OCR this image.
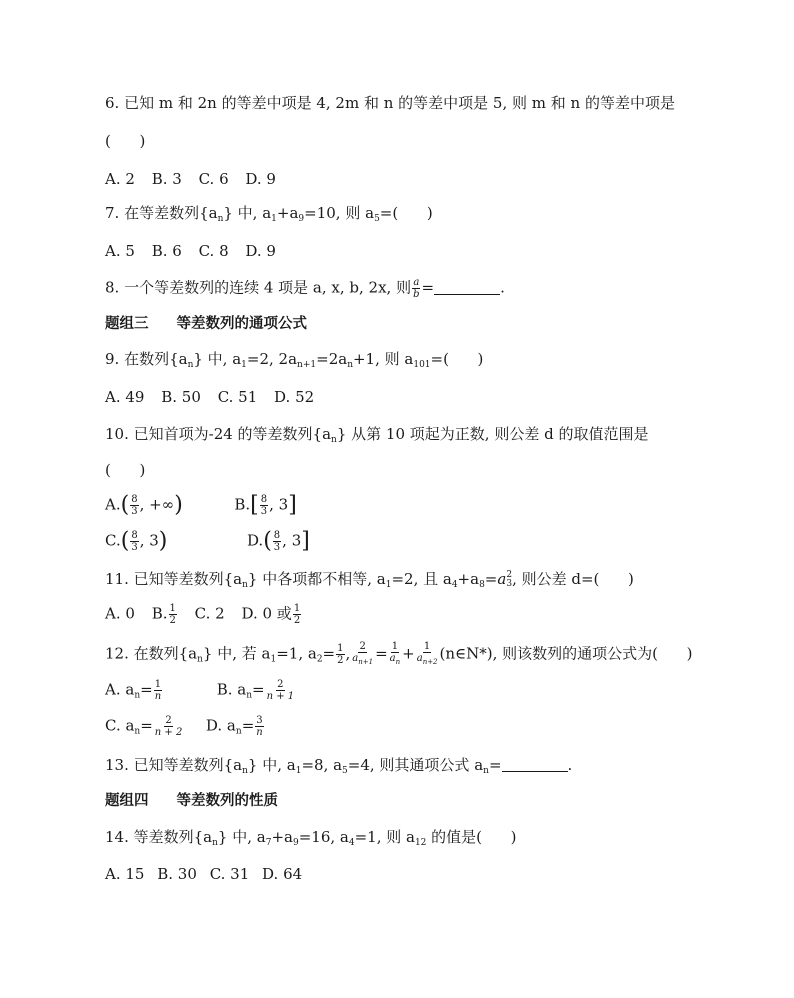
6. 已知 m 和 2n 的等差中项是 4, 2m 和 n 的等差中项是 5, 则 m 和 n 的等差中项是
(      )
A. 2 B. 3 C. 6 D. 9
7. 在等差数列$\{a_n\}$ 中, $a_1+a_9=10$, 则 $a_5=$(      )
A. 5 B. 6 C. 8 D. 9
8. 一个等差数列的连续 4 项是 a, x, b, 2x, 则 $\frac{a}{b}$ =	.
题组三 等差数列的通项公式
9. 在数列$\{a_n\}$ 中, $a_1=2$, $2a_{n+1}=2a_n+1$, 则 $a_{101}=$(      )
A. 49 B. 50 C. 51 D. 52
10. 已知首项为-24 的等差数列$\{a_n\}$ 从第 10 项起为正数, 则公差 d 的取值范围是
(      )
$A.( \frac{8}{3}$ , +∞)	$B.[ \frac{8}{3}$ , 3]
$C.( \frac{8}{3}$ , 3)	$D.( \frac{8}{3}$ , 3]
11. 已知等差数列$\{a_n\}$ 中各项都不相等, $a_1=2$, 且 $a_4+a_8=a$ 2
3 , 则公差 d=(      )
A. 0 B. $\frac{1}{2} C$. 2 D. 0 或 $\frac{1}{2}$
12. 在数列$\{a_n\}$ 中, 若 $a_1=1$, $a_2= \frac{1}{2}$ , $\frac{2}{a_{n+1}} = \frac{1}{a_n} + \frac{1}{a_{n+2}}$ (n∈N*), 则该数列的通项公式为(      )
A. $a_n= \frac{1}{n}$	B. $a_n= \frac{2}{n + 1}$
C. $a_n= \frac{2}{n + 2} D$. $a_n= \frac{3}{n}$
13. 已知等差数列$\{a_n\}$ 中, $a_1=8$, $a_5=4$, 则其通项公式 $a_n=$	.
题组四 等差数列的性质
14. 等差数列$\{a_n\}$ 中, $a_7+a_9=16$, $a_4=1$, 则 $a_{12}$ 的值是(      )
A. 15 B. 30 C. 31 D. 64
